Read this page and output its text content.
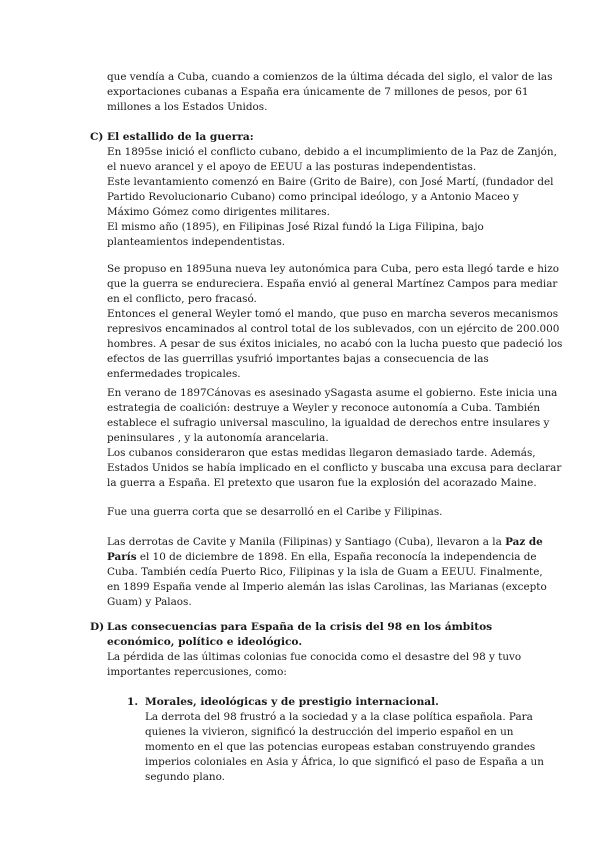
que vendía a Cuba, cuando a comienzos de la última década del siglo, el valor de las
exportaciones cubanas a España era únicamente de 7 millones de pesos, por 61
millones a los Estados Unidos.
C) El estallido de la guerra:
En 1895se inició el conflicto cubano, debido a el incumplimiento de la Paz de Zanjón,
el nuevo arancel y el apoyo de EEUU a las posturas independentistas.
Este levantamiento comenzó en Baire (Grito de Baire), con José Martí, (fundador del
Partido Revolucionario Cubano) como principal ideólogo, y a Antonio Maceo y
Máximo Gómez como dirigentes militares.
El mismo año (1895), en Filipinas José Rizal fundó la Liga Filipina, bajo
planteamientos independentistas.
Se propuso en 1895una nueva ley autonómica para Cuba, pero esta llegó tarde e hizo
que la guerra se endureciera. España envió al general Martínez Campos para mediar
en el conflicto, pero fracasó.
Entonces el general Weyler tomó el mando, que puso en marcha severos mecanismos
represivos encaminados al control total de los sublevados, con un ejército de 200.000
hombres. A pesar de sus éxitos iniciales, no acabó con la lucha puesto que padeció los
efectos de las guerrillas ysufrió importantes bajas a consecuencia de las
enfermedades tropicales.
En verano de 1897Cánovas es asesinado ySagasta asume el gobierno. Este inicia una
estrategia de coalición: destruye a Weyler y reconoce autonomía a Cuba. También
establece el sufragio universal masculino, la igualdad de derechos entre insulares y
peninsulares , y la autonomía arancelaria.
Los cubanos consideraron que estas medidas llegaron demasiado tarde. Además,
Estados Unidos se había implicado en el conflicto y buscaba una excusa para declarar
la guerra a España. El pretexto que usaron fue la explosión del acorazado Maine.
Fue una guerra corta que se desarrolló en el Caribe y Filipinas.
Las derrotas de Cavite y Manila (Filipinas) y Santiago (Cuba), llevaron a la Paz de
París el 10 de diciembre de 1898. En ella, España reconocía la independencia de
Cuba. También cedía Puerto Rico, Filipinas y la isla de Guam a EEUU. Finalmente,
en 1899 España vende al Imperio alemán las islas Carolinas, las Marianas (excepto
Guam) y Palaos.
D) Las consecuencias para España de la crisis del 98 en los ámbitos
económico, político e ideológico.
La pérdida de las últimas colonias fue conocida como el desastre del 98 y tuvo
importantes repercusiones, como:
1. Morales, ideológicas y de prestigio internacional.
La derrota del 98 frustró a la sociedad y a la clase política española. Para
quienes la vivieron, significó la destrucción del imperio español en un
momento en el que las potencias europeas estaban construyendo grandes
imperios coloniales en Asia y África, lo que significó el paso de España a un
segundo plano.
